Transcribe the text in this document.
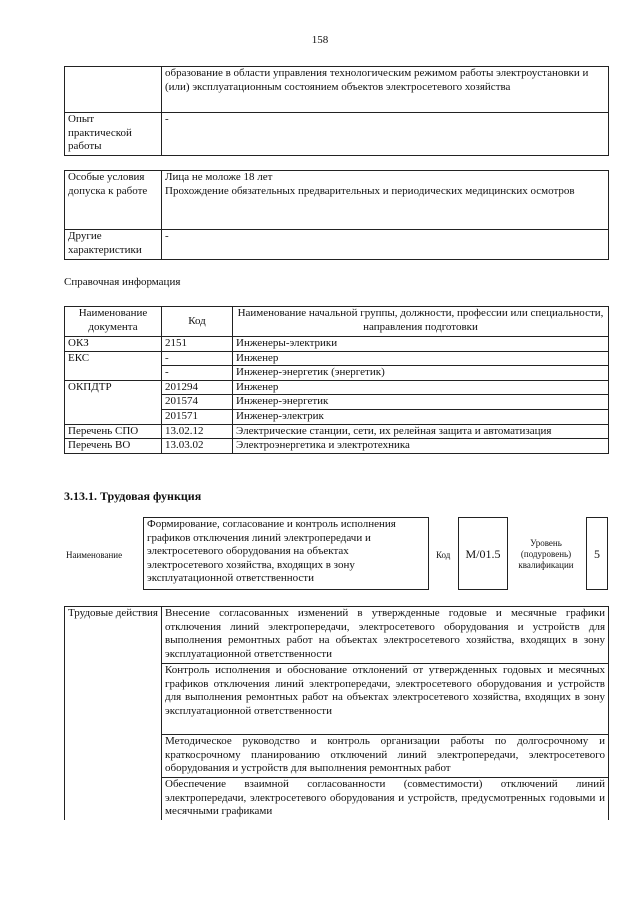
158
	образование в области управления технологическим режимом работы электроустановки и (или) эксплуатационным состоянием объектов электросетевого хозяйства
Опыт практической работы	-
Особые условия допуска к работе	Лица не моложе 18 лет
Прохождение обязательных предварительных и периодических медицинских осмотров

Другие характеристики	-
Справочная информация
Наименование документа	Код	Наименование начальной группы, должности, профессии или специальности, направления подготовки
ОКЗ	2151	Инженеры-электрики
ЕКС	-	Инженер
	-	Инженер-энергетик (энергетик)
ОКПДТР	201294	Инженер
	201574	Инженер-энергетик
	201571	Инженер-электрик
Перечень СПО	13.02.12	Электрические станции, сети, их релейная защита и автоматизация
Перечень ВО	13.03.02	Электроэнергетика и электротехника
3.13.1. Трудовая функция
Наименование
Формирование, согласование и контроль исполнения графиков отключения линий электропередачи и электросетевого оборудования на объектах электросетевого хозяйства, входящих в зону эксплуатационной ответственности
Код	M/01.5
Уровень (подуровень) квалификации
5
Трудовые действия	Внесение согласованных изменений в утвержденные годовые и месячные графики отключения линий электропередачи, электросетевого оборудования и устройств для выполнения ремонтных работ на объектах электросетевого хозяйства, входящих в зону эксплуатационной ответственности
Контроль исполнения и обоснование отклонений от утвержденных годовых и месячных графиков отключения линий электропередачи, электросетевого оборудования и устройств для выполнения ремонтных работ на объектах электросетевого хозяйства, входящих в зону эксплуатационной ответственности
Методическое руководство и контроль организации работы по долгосрочному и краткосрочному планированию отключений линий электропередачи, электросетевого оборудования и устройств для выполнения ремонтных работ
Обеспечение взаимной согласованности (совместимости) отключений линий электропередачи, электросетевого оборудования и устройств, предусмотренных годовыми и месячными графиками
